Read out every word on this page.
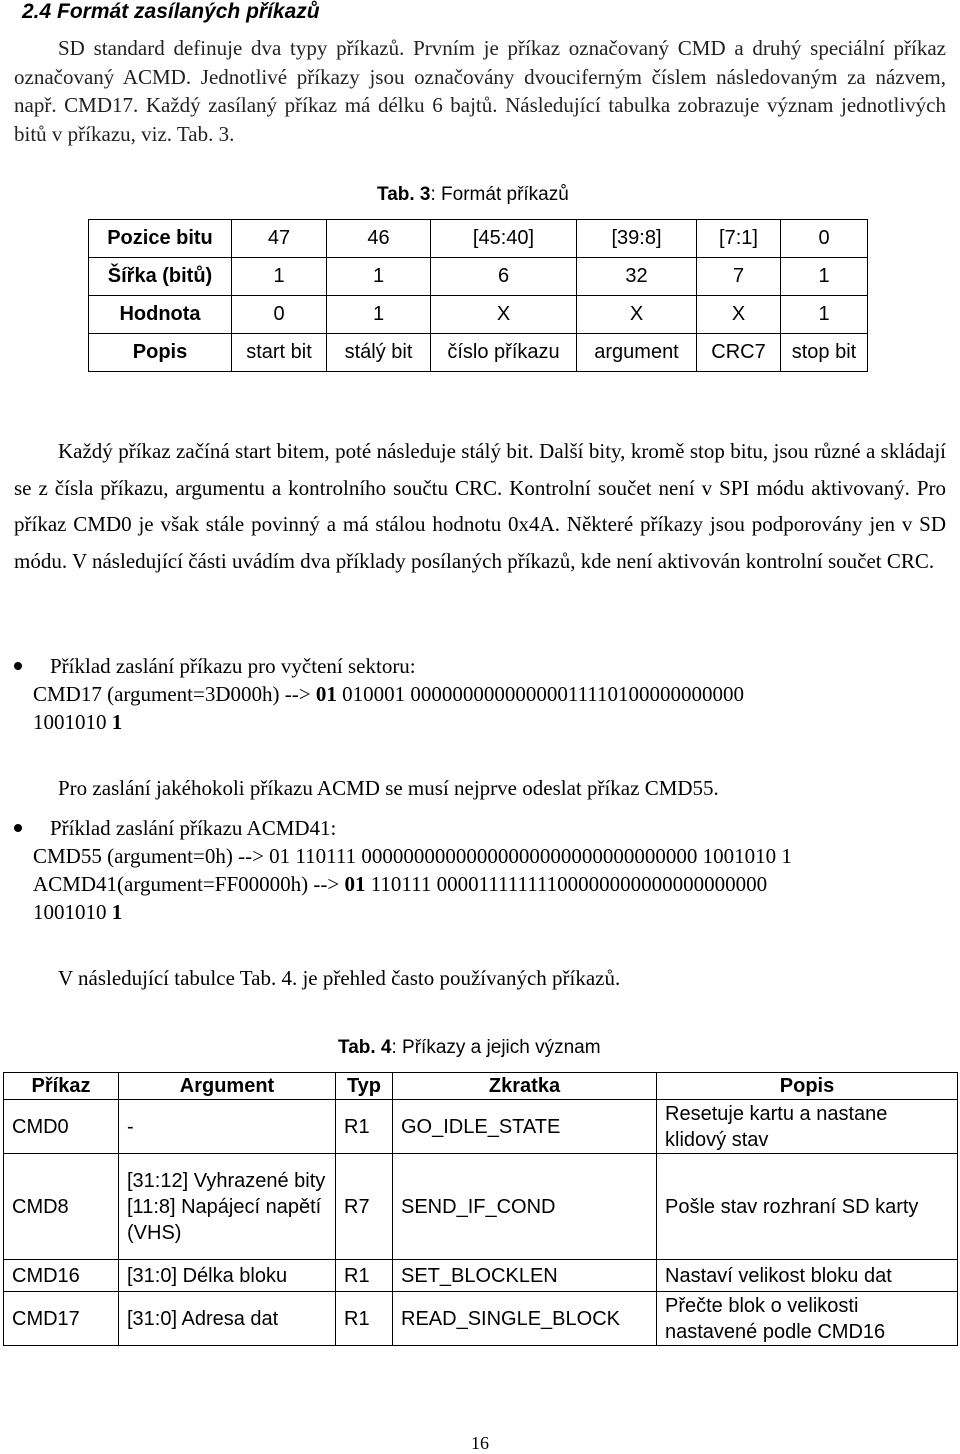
2.4 Formát zasílaných příkazů

SD standard definuje dva typy příkazů. Prvním je příkaz označovaný CMD a druhý speciální příkaz označovaný ACMD. Jednotlivé příkazy jsou označovány dvouciferným číslem následovaným za názvem, např. CMD17. Každý zasílaný příkaz má délku 6 bajtů. Následující tabulka zobrazuje význam jednotlivých bitů v příkazu, viz. Tab. 3.

Tab. 3: Formát příkazů
Pozice bitu	47	46	[45:40]	[39:8]	[7:1]	0
Šířka (bitů)	1	1	6	32	7	1
Hodnota	0	1	X	X	X	1
Popis	start bit	stálý bit	číslo příkazu	argument	CRC7	stop bit

Každý příkaz začíná start bitem, poté následuje stálý bit. Další bity, kromě stop bitu, jsou různé a skládají se z čísla příkazu, argumentu a kontrolního součtu CRC. Kontrolní součet není v SPI módu aktivovaný. Pro příkaz CMD0 je však stále povinný a má stálou hodnotu 0x4A. Některé příkazy jsou podporovány jen v SD módu. V následující části uvádím dva příklady posílaných příkazů, kde není aktivován kontrolní součet CRC.

Příklad zaslání příkazu pro vyčtení sektoru:
CMD17 (argument=3D000h) --> 01 010001 00000000000000011110100000000000
1001010 1
Pro zaslání jakéhokoli příkazu ACMD se musí nejprve odeslat příkaz CMD55.
Příklad zaslání příkazu ACMD41:
CMD55 (argument=0h) --> 01 110111 00000000000000000000000000000000 1001010 1
ACMD41(argument=FF00000h) --> 01 110111 00001111111100000000000000000000
1001010 1
V následující tabulce Tab. 4. je přehled často používaných příkazů.
Tab. 4: Příkazy a jejich význam
Příkaz	Argument	Typ	Zkratka	Popis
CMD0	-	R1	GO_IDLE_STATE	Resetuje kartu a nastane klidový stav
CMD8	[31:12] Vyhrazené bity [11:8] Napájecí napětí (VHS)	R7	SEND_IF_COND	Pošle stav rozhraní SD karty
CMD16	[31:0] Délka bloku	R1	SET_BLOCKLEN	Nastaví velikost bloku dat
CMD17	[31:0] Adresa dat	R1	READ_SINGLE_BLOCK	Přečte blok o velikosti nastavené podle CMD16
16
